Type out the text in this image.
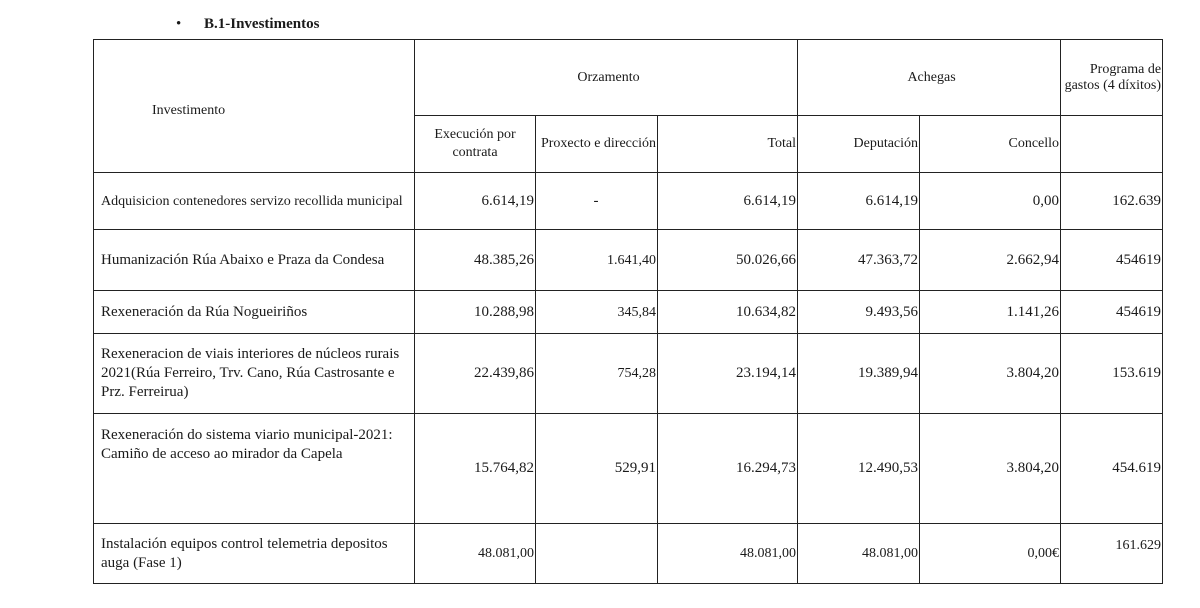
• B.1-Investimentos
Investimento	Orzamento			Achegas		Programa de gastos (4 díxitos)
	Execución por contrata	Proxecto e dirección	Total	Deputación	Concello	
Adquisicion contenedores servizo recollida municipal	6.614,19	-	6.614,19	6.614,19	0,00	162.639
Humanización Rúa Abaixo e Praza da Condesa	48.385,26	1.641,40	50.026,66	47.363,72	2.662,94	454619
Rexeneración da Rúa Nogueiriños	10.288,98	345,84	10.634,82	9.493,56	1.141,26	454619
Rexeneracion de viais interiores de núcleos rurais 2021(Rúa Ferreiro, Trv. Cano, Rúa Castrosante e Prz. Ferreirua)	22.439,86	754,28	23.194,14	19.389,94	3.804,20	153.619
Rexeneración do sistema viario municipal-2021: Camiño de acceso ao mirador da Capela	15.764,82	529,91	16.294,73	12.490,53	3.804,20	454.619
Instalación equipos control telemetria depositos auga (Fase 1)	48.081,00		48.081,00	48.081,00	0,00€	161.629
